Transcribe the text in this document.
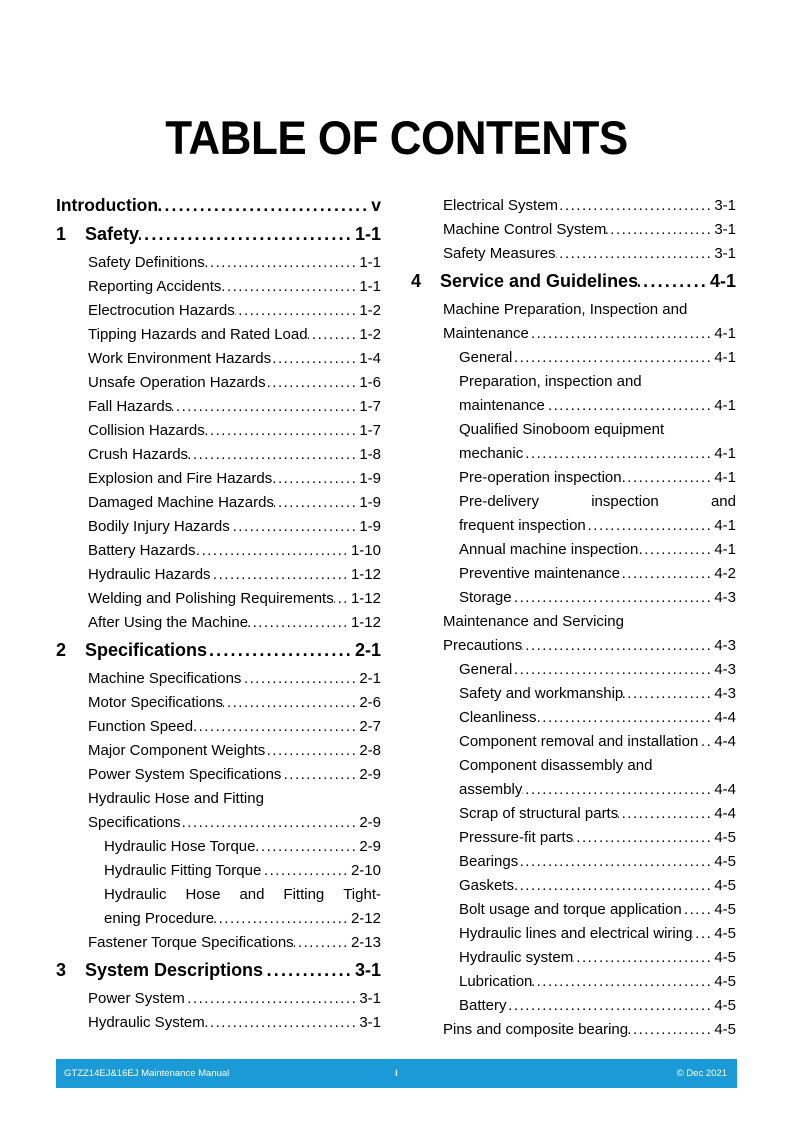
TABLE OF CONTENTS
Introduction .....	v
1	Safety .....	1-1
Safety Definitions .....	1-1
Reporting Accidents .....	1-1
Electrocution Hazards .....	1-2
Tipping Hazards and Rated Load .....	1-2
Work Environment Hazards .....	1-4
Unsafe Operation Hazards .....	1-6
Fall Hazards .....	1-7
Collision Hazards .....	1-7
Crush Hazards .....	1-8
Explosion and Fire Hazards .....	1-9
Damaged Machine Hazards .....	1-9
Bodily Injury Hazards .....	1-9
Battery Hazards .....	1-10
Hydraulic Hazards .....	1-12
Welding and Polishing Requirements ..... 1-12
After Using the Machine .....	1-12
2	Specifications .....	2-1
Machine Specifications .....	2-1
Motor Specifications .....	2-6
Function Speed .....	2-7
Major Component Weights .....	2-8
Power System Specifications .....	2-9
Hydraulic Hose and Fitting
Specifications .....	2-9
Hydraulic Hose Torque .....	2-9
Hydraulic Fitting Torque .....	2-10
Hydraulic Hose and Fitting Tight-
ening Procedure .....	2-12
Fastener Torque Specifications .....	2-13
3	System Descriptions .....	3-1
Power System .....	3-1
Hydraulic System .....	3-1
Electrical System .....	3-1
Machine Control System .....	3-1
Safety Measures .....	3-1
4	Service and Guidelines .....	4-1
Machine Preparation, Inspection and
Maintenance .....	4-1
General .....	4-1
Preparation, inspection and
maintenance .....	4-1
Qualified Sinoboom equipment
mechanic .....	4-1
Pre-operation inspection .....	4-1
Pre-delivery	inspection	and
frequent inspection .....	4-1
Annual machine inspection .....	4-1
Preventive maintenance .....	4-2
Storage .....	4-3
Maintenance and Servicing
Precautions .....	4-3
General .....	4-3
Safety and workmanship .....	4-3
Cleanliness .....	4-4
Component removal and installation ..... 4-4
Component disassembly and
assembly .....	4-4
Scrap of structural parts .....	4-4
Pressure-fit parts .....	4-5
Bearings .....	4-5
Gaskets .....	4-5
Bolt usage and torque application ..... 4-5
Hydraulic lines and electrical wiring ..... 4-5
Hydraulic system .....	4-5
Lubrication .....	4-5
Battery .....	4-5
Pins and composite bearing .....	4-5
GTZZ14EJ&16EJ Maintenance Manual	i	© Dec 2021
